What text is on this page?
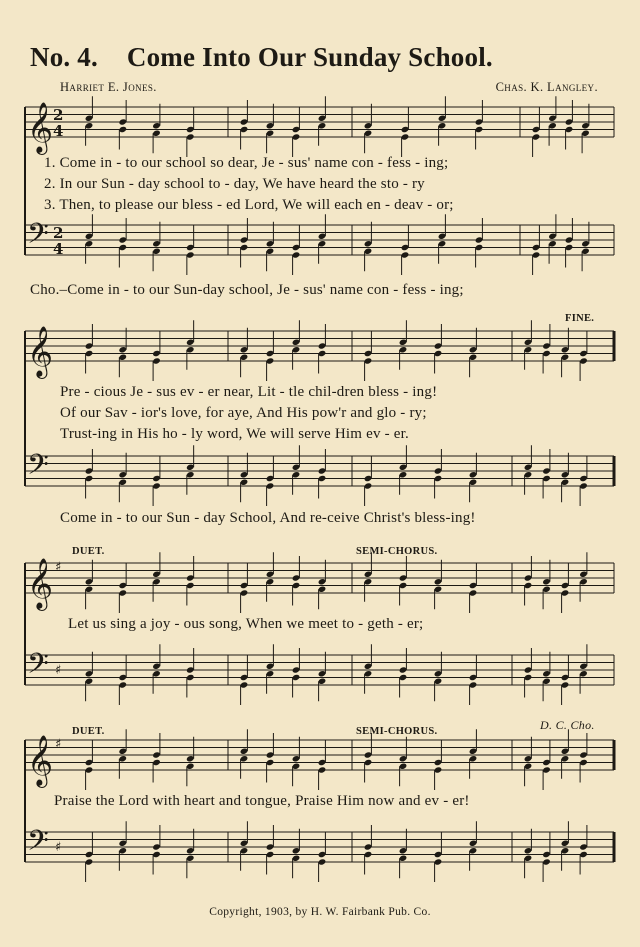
𝄞
𝄢
𝄞
𝄢
𝄞 ♯
𝄢 ♯
𝄞 ♯
𝄢 ♯
2
4
2
4
No. 4. Come Into Our Sunday School.
Harriet E. Jones.	Chas. K. Langley.
1. Come in - to our school so dear, Je - sus' name con - fess - ing;
2. In our Sun - day school to - day, We have heard the sto - ry
3. Then, to please our bless - ed Lord, We will each en - deav - or;
Cho.–Come in - to our Sun-day school, Je - sus' name con - fess - ing;
FINE.
Pre - cious Je - sus ev - er near, Lit - tle chil-dren bless - ing!
Of our Sav - ior's love, for aye, And His pow'r and glo - ry;
Trust-ing in His ho - ly word, We will serve Him ev - er.
Come in - to our Sun - day School, And re-ceive Christ's bless-ing!
DUET.	SEMI-CHORUS.
Let us sing a joy - ous song, When we meet to - geth - er;
DUET.	SEMI-CHORUS.	D. C. Cho.
Praise the Lord with heart and tongue, Praise Him now and ev - er!
Copyright, 1903, by H. W. Fairbank Pub. Co.
